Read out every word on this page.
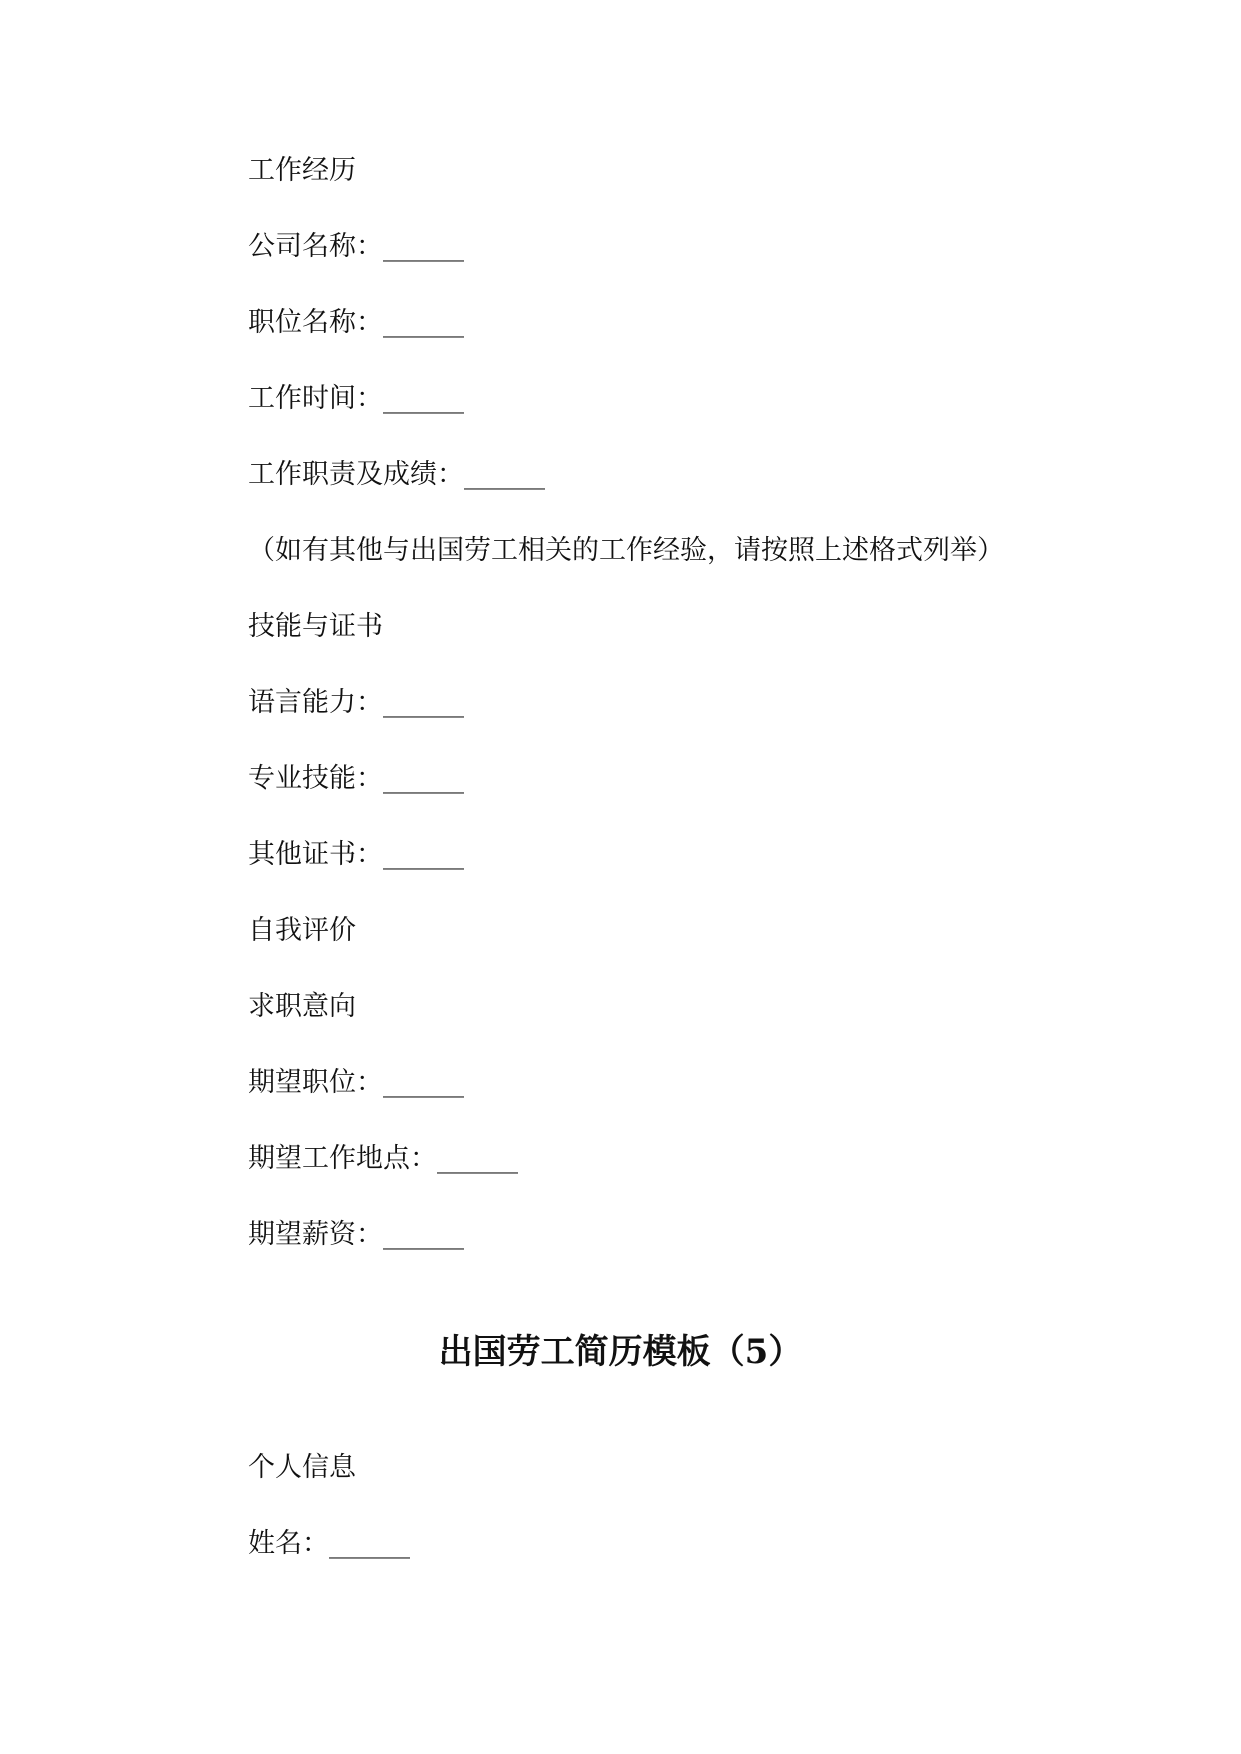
工作经历
公司名称：______
职位名称：______
工作时间：______
工作职责及成绩：______
（如有其他与出国劳工相关的工作经验，请按照上述格式列举）
技能与证书
语言能力：______
专业技能：______
其他证书：______
自我评价
求职意向
期望职位：______
期望工作地点：______
期望薪资：______
出国劳工简历模板（5）
个人信息
姓名：______
